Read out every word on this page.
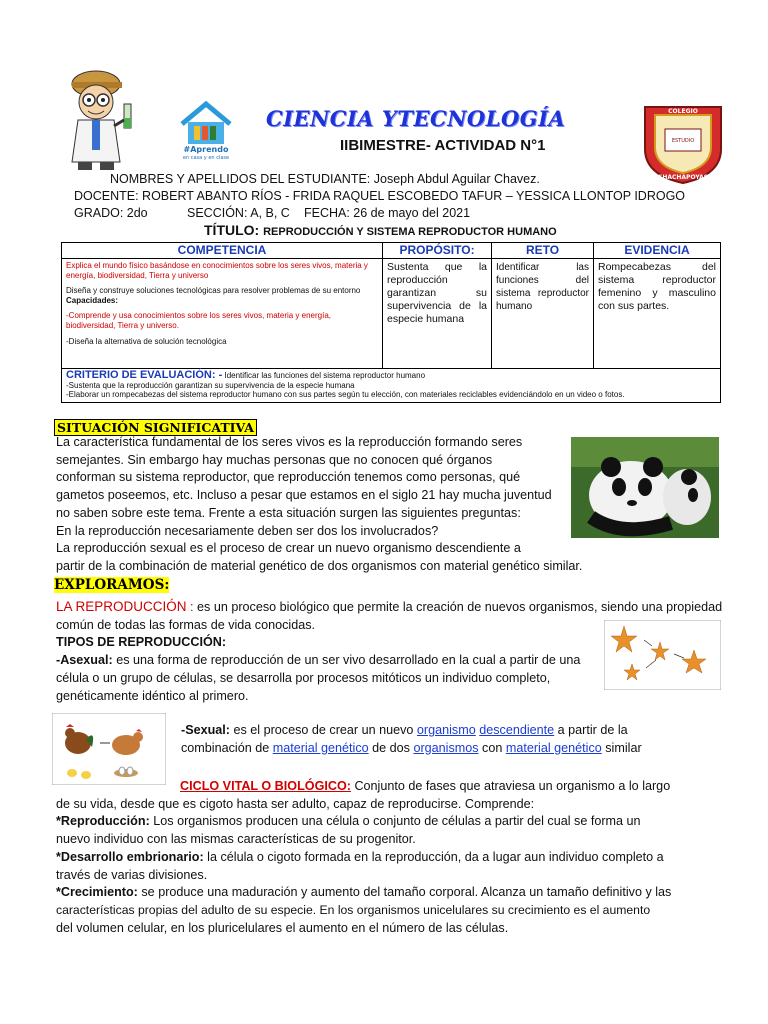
#Aprendo
en casa y en clase
CIENCIA YTECNOLOGÍA
IIBIMESTRE- ACTIVIDAD N°1
COLEGIO
ESTUDIO
CHACHAPOYAS
NOMBRES Y APELLIDOS DEL ESTUDIANTE: Joseph Abdul Aguilar Chavez.
DOCENTE: ROBERT ABANTO RÍOS - FRIDA RAQUEL ESCOBEDO TAFUR – YESSICA LLONTOP IDROGO
GRADO: 2do	SECCIÓN: A, B, C FECHA: 26 de mayo del 2021
TÍTULO: REPRODUCCIÓN Y SISTEMA REPRODUCTOR HUMANO
COMPETENCIA	PROPÓSITO:	RETO	EVIDENCIA

Explica el mundo físico basándose en conocimientos sobre los seres vivos, materia y energía, biodiversidad, Tierra y universo
Diseña y construye soluciones tecnológicas para resolver problemas de su entorno
Capacidades:
-Comprende y usa conocimientos sobre los seres vivos, materia y energía, biodiversidad, Tierra y universo.
-Diseña la alternativa de solución tecnológica	Sustenta que la reproducción garantizan su supervivencia de la especie humana	Identificar las funciones del sistema reproductor humano	Rompecabezas del sistema reproductor femenino y masculino con sus partes.

CRITERIO DE EVALUACIÓN: - Identificar las funciones del sistema reproductor humano
-Sustenta que la reproducción garantizan su supervivencia de la especie humana
-Elaborar un rompecabezas del sistema reproductor humano con sus partes según tu elección, con materiales reciclables evidenciándolo en un video o fotos.			
SITUACIÓN SIGNIFICATIVA
La característica fundamental de los seres vivos es la reproducción formando seres
semejantes. Sin embargo hay muchas personas que no conocen qué órganos
conforman su sistema reproductor, que reproducción tenemos como personas, qué
gametos poseemos, etc. Incluso a pesar que estamos en el siglo 21 hay mucha juventud
no saben sobre este tema. Frente a esta situación surgen las siguientes preguntas:
En la reproducción necesariamente deben ser dos los involucrados?
La reproducción sexual es el proceso de crear un nuevo organismo descendiente a
partir de la combinación de material genético de dos organismos con material genético similar.
EXPLORAMOS:
LA REPRODUCCIÓN : es un proceso biológico que permite la creación de nuevos organismos, siendo una propiedad
común de todas las formas de vida conocidas.
TIPOS DE REPRODUCCIÓN:
-Asexual: es una forma de reproducción de un ser vivo desarrollado en la cual a partir de una
célula o un grupo de células, se desarrolla por procesos mitóticos un individuo completo,
genéticamente idéntico al primero.
-Sexual: es el proceso de crear un nuevo organismo descendiente a partir de la
combinación de material genético de dos organismos con material genético similar
CICLO VITAL O BIOLÓGICO: Conjunto de fases que atraviesa un organismo a lo largo
de su vida, desde que es cigoto hasta ser adulto, capaz de reproducirse. Comprende:
*Reproducción: Los organismos producen una célula o conjunto de células a partir del cual se forma un
nuevo individuo con las mismas características de su progenitor.
*Desarrollo embrionario: la célula o cigoto formada en la reproducción, da a lugar aun individuo completo a
través de varias divisiones.
*Crecimiento: se produce una maduración y aumento del tamaño corporal. Alcanza un tamaño definitivo y las
características propias del adulto de su especie. En los organismos unicelulares su crecimiento es el aumento
del volumen celular, en los pluricelulares el aumento en el número de las células.
